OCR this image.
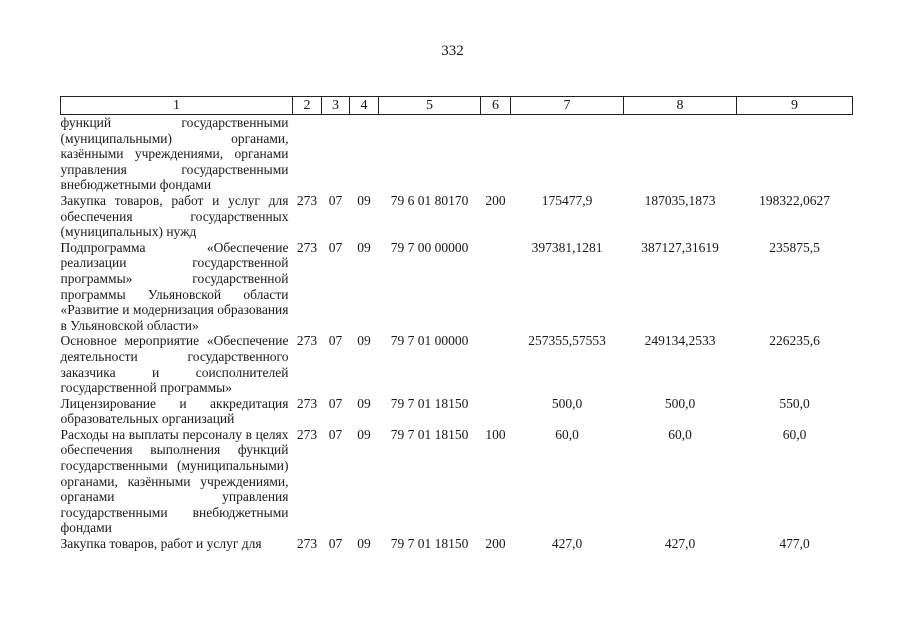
332
1	2	3	4	5	6	7	8	9
функций государственными (муниципальными) органами, казёнными учреждениями, органами управления государственными внебюджетными фондами								
Закупка товаров, работ и услуг для обеспечения государственных (муниципальных) нужд	273	07	09	79 6 01 80170	200	175477,9	187035,1873	198322,0627
Подпрограмма «Обеспечение реализации государственной программы» государственной программы Ульяновской области «Развитие и модернизация образования в Ульяновской области»	273	07	09	79 7 00 00000		397381,1281	387127,31619	235875,5
Основное мероприятие «Обеспечение деятельности государственного заказчика и соисполнителей государственной программы»	273	07	09	79 7 01 00000		257355,57553	249134,2533	226235,6
Лицензирование и аккредитация образовательных организаций	273	07	09	79 7 01 18150		500,0	500,0	550,0
Расходы на выплаты персоналу в целях обеспечения выполнения функций государственными (муниципальными) органами, казёнными учреждениями, органами управления государственными внебюджетными фондами	273	07	09	79 7 01 18150	100	60,0	60,0	60,0
Закупка товаров, работ и услуг для	273	07	09	79 7 01 18150	200	427,0	427,0	477,0
